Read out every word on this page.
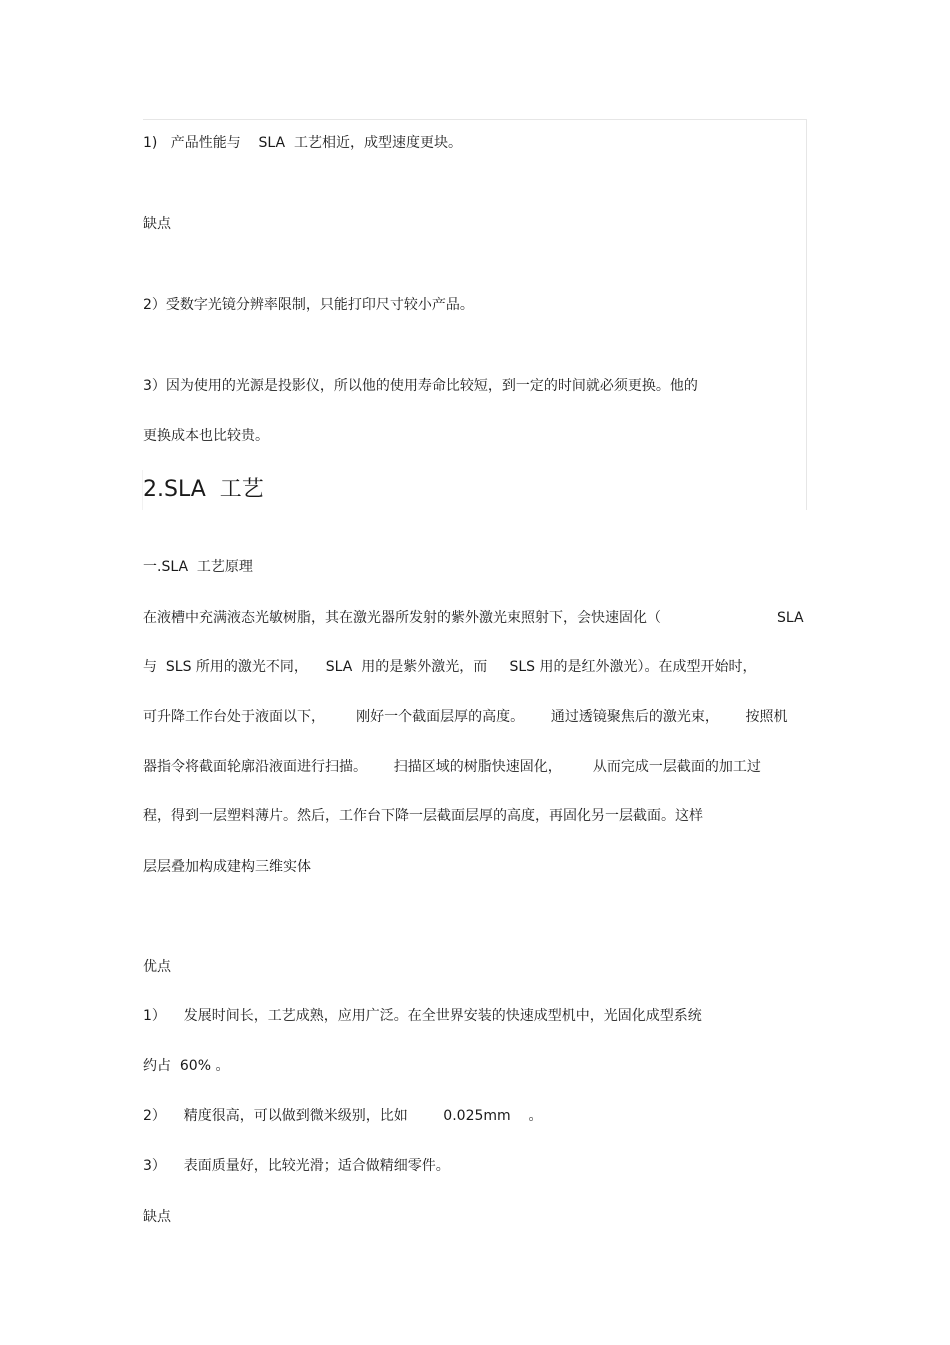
1)   产品性能与    SLA  工艺相近，成型速度更块。

缺点

2）受数字光镜分辨率限制，只能打印尺寸较小产品。

3）因为使用的光源是投影仪，所以他的使用寿命比较短，到一定的时间就必须更换。他的

更换成本也比较贵。

2.SLA  工艺

一.SLA  工艺原理

在液槽中充满液态光敏树脂，其在激光器所发射的紫外激光束照射下，会快速固化（	SLA

与  SLS 所用的激光不同，    SLA  用的是紫外激光，而     SLS 用的是红外激光）。在成型开始时，

可升降工作台处于液面以下，       刚好一个截面层厚的高度。      通过透镜聚焦后的激光束，      按照机

器指令将截面轮廓沿液面进行扫描。      扫描区域的树脂快速固化，       从而完成一层截面的加工过

程，得到一层塑料薄片。然后，工作台下降一层截面层厚的高度，再固化另一层截面。这样

层层叠加构成建构三维实体

优点

1）    发展时间长，工艺成熟，应用广泛。在全世界安装的快速成型机中，光固化成型系统

约占  60% 。

2）    精度很高，可以做到微米级别，比如        0.025mm    。

3）    表面质量好，比较光滑；适合做精细零件。

缺点
